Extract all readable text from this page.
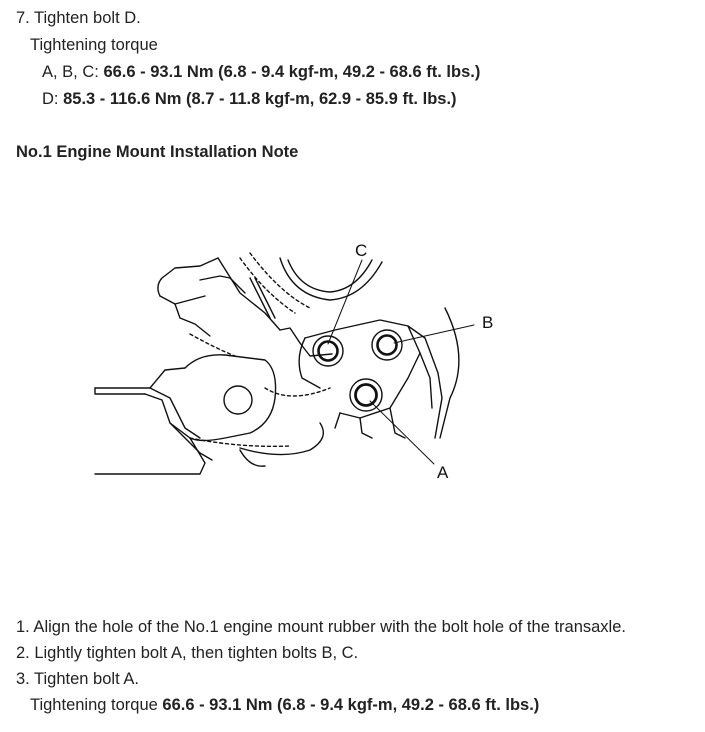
7. Tighten bolt D.
Tightening torque
A, B, C: 66.6 - 93.1 Nm (6.8 - 9.4 kgf-m, 49.2 - 68.6 ft. lbs.)
D: 85.3 - 116.6 Nm (8.7 - 11.8 kgf-m, 62.9 - 85.9 ft. lbs.)
No.1 Engine Mount Installation Note
C
B
A
1. Align the hole of the No.1 engine mount rubber with the bolt hole of the transaxle.
2. Lightly tighten bolt A, then tighten bolts B, C.
3. Tighten bolt A.
Tightening torque 66.6 - 93.1 Nm (6.8 - 9.4 kgf-m, 49.2 - 68.6 ft. lbs.)
